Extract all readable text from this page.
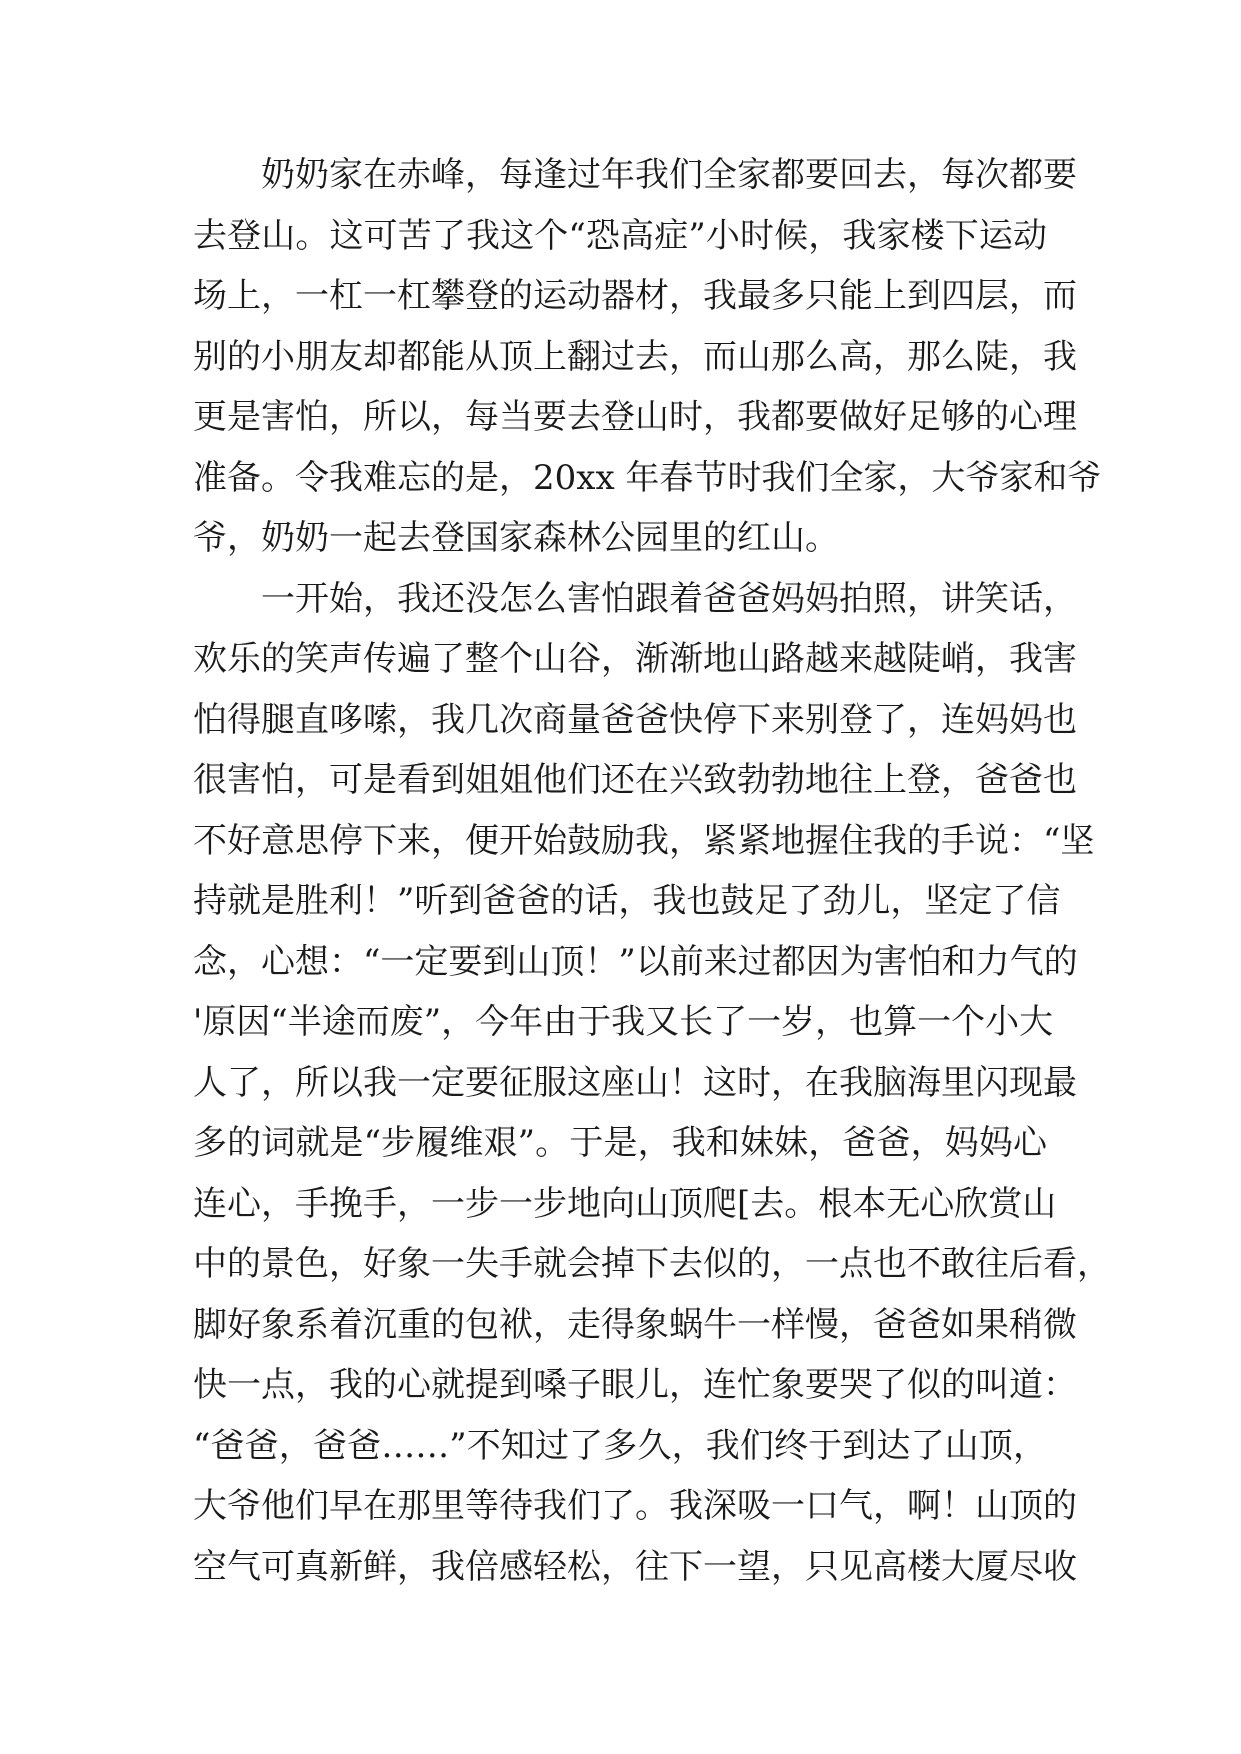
奶奶家在赤峰，每逢过年我们全家都要回去，每次都要
去登山。这可苦了我这个“恐高症”小时候，我家楼下运动
场上，一杠一杠攀登的运动器材，我最多只能上到四层，而
别的小朋友却都能从顶上翻过去，而山那么高，那么陡，我
更是害怕，所以，每当要去登山时，我都要做好足够的心理
准备。令我难忘的是，20xx 年春节时我们全家，大爷家和爷
爷，奶奶一起去登国家森林公园里的红山。
一开始，我还没怎么害怕跟着爸爸妈妈拍照，讲笑话，
欢乐的笑声传遍了整个山谷，渐渐地山路越来越陡峭，我害
怕得腿直哆嗦，我几次商量爸爸快停下来别登了，连妈妈也
很害怕，可是看到姐姐他们还在兴致勃勃地往上登，爸爸也
不好意思停下来，便开始鼓励我，紧紧地握住我的手说：“坚
持就是胜利！”听到爸爸的话，我也鼓足了劲儿，坚定了信
念，心想：“一定要到山顶！”以前来过都因为害怕和力气的
'原因“半途而废”，今年由于我又长了一岁，也算一个小大
人了，所以我一定要征服这座山！这时，在我脑海里闪现最
多的词就是“步履维艰”。于是，我和妹妹，爸爸，妈妈心
连心，手挽手，一步一步地向山顶爬[去。根本无心欣赏山
中的景色，好象一失手就会掉下去似的，一点也不敢往后看，
脚好象系着沉重的包袱，走得象蜗牛一样慢，爸爸如果稍微
快一点，我的心就提到嗓子眼儿，连忙象要哭了似的叫道：
“爸爸，爸爸……”不知过了多久，我们终于到达了山顶，
大爷他们早在那里等待我们了。我深吸一口气，啊！山顶的
空气可真新鲜，我倍感轻松，往下一望，只见高楼大厦尽收
